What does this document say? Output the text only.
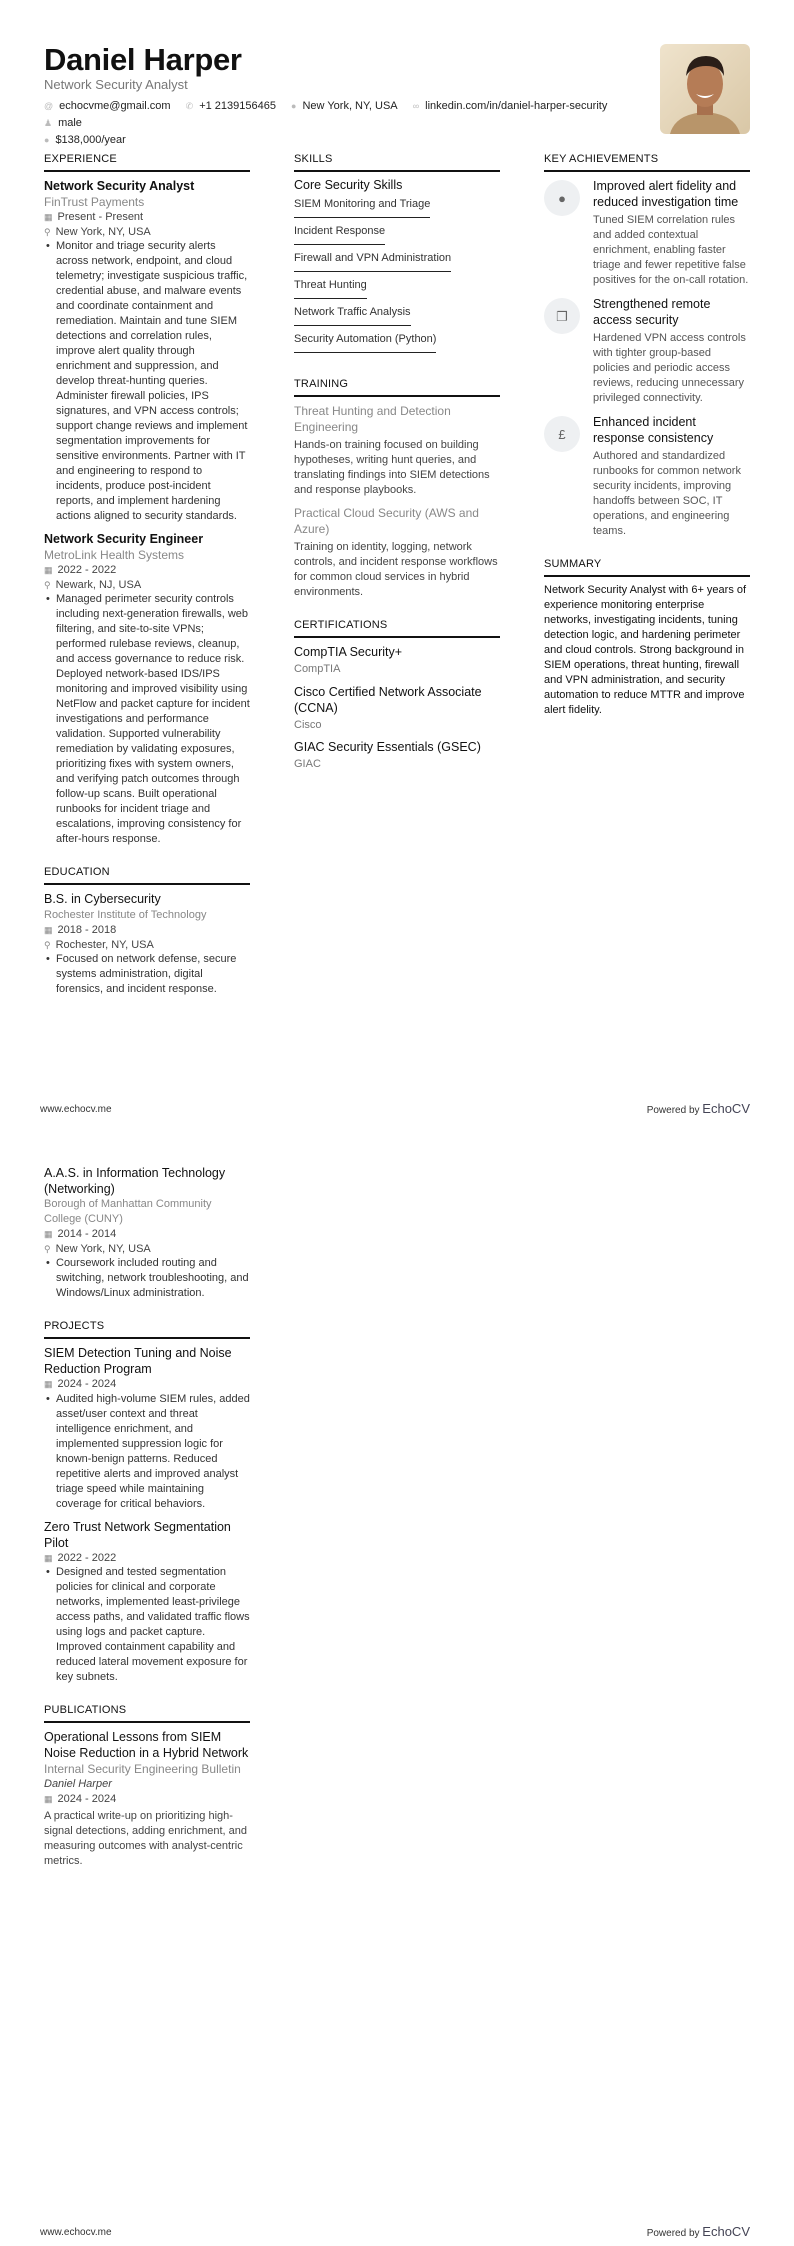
Daniel Harper
Network Security Analyst
@ echocvme@gmail.com ✆ +1 2139156465 ● New York, NY, USA ∞ linkedin.com/in/daniel-harper-security ♟ male
● $138,000/year
EXPERIENCE
Network Security Analyst
FinTrust Payments
▦ Present - Present
⚲ New York, NY, USA
• Monitor and triage security alerts across network, endpoint, and cloud telemetry; investigate suspicious traffic, credential abuse, and malware events and coordinate containment and remediation. Maintain and tune SIEM detections and correlation rules, improve alert quality through enrichment and suppression, and develop threat-hunting queries. Administer firewall policies, IPS signatures, and VPN access controls; support change reviews and implement segmentation improvements for sensitive environments. Partner with IT and engineering to respond to incidents, produce post-incident reports, and implement hardening actions aligned to security standards.
Network Security Engineer
MetroLink Health Systems
▦ 2022 - 2022
⚲ Newark, NJ, USA
• Managed perimeter security controls including next-generation firewalls, web filtering, and site-to-site VPNs; performed rulebase reviews, cleanup, and access governance to reduce risk. Deployed network-based IDS/IPS monitoring and improved visibility using NetFlow and packet capture for incident investigations and performance validation. Supported vulnerability remediation by validating exposures, prioritizing fixes with system owners, and verifying patch outcomes through follow-up scans. Built operational runbooks for incident triage and escalations, improving consistency for after-hours response.
EDUCATION
B.S. in Cybersecurity
Rochester Institute of Technology
▦ 2018 - 2018
⚲ Rochester, NY, USA
• Focused on network defense, secure systems administration, digital forensics, and incident response.
SKILLS
Core Security Skills
SIEM Monitoring and Triage
Incident Response
Firewall and VPN Administration
Threat Hunting
Network Traffic Analysis
Security Automation (Python)
TRAINING
Threat Hunting and Detection Engineering
Hands-on training focused on building hypotheses, writing hunt queries, and translating findings into SIEM detections and response playbooks.
Practical Cloud Security (AWS and Azure)
Training on identity, logging, network controls, and incident response workflows for common cloud services in hybrid environments.
CERTIFICATIONS
CompTIA Security+
CompTIA
Cisco Certified Network Associate (CCNA)
Cisco
GIAC Security Essentials (GSEC)
GIAC
KEY ACHIEVEMENTS
●
Improved alert fidelity and reduced investigation time
Tuned SIEM correlation rules and added contextual enrichment, enabling faster triage and fewer repetitive false positives for the on-call rotation.
❐
Strengthened remote access security
Hardened VPN access controls with tighter group-based policies and periodic access reviews, reducing unnecessary privileged connectivity.
£
Enhanced incident response consistency
Authored and standardized runbooks for common network security incidents, improving handoffs between SOC, IT operations, and engineering teams.
SUMMARY
Network Security Analyst with 6+ years of experience monitoring enterprise networks, investigating incidents, tuning detection logic, and hardening perimeter and cloud controls. Strong background in SIEM operations, threat hunting, firewall and VPN administration, and security automation to reduce MTTR and improve alert fidelity.
www.echocv.me	Powered by EchoCV
A.A.S. in Information Technology (Networking)
Borough of Manhattan Community College (CUNY)
▦ 2014 - 2014
⚲ New York, NY, USA
• Coursework included routing and switching, network troubleshooting, and Windows/Linux administration.
PROJECTS
SIEM Detection Tuning and Noise Reduction Program
▦ 2024 - 2024
• Audited high-volume SIEM rules, added asset/user context and threat intelligence enrichment, and implemented suppression logic for known-benign patterns. Reduced repetitive alerts and improved analyst triage speed while maintaining coverage for critical behaviors.
Zero Trust Network Segmentation Pilot
▦ 2022 - 2022
• Designed and tested segmentation policies for clinical and corporate networks, implemented least-privilege access paths, and validated traffic flows using logs and packet capture. Improved containment capability and reduced lateral movement exposure for key subnets.
PUBLICATIONS
Operational Lessons from SIEM Noise Reduction in a Hybrid Network
Internal Security Engineering Bulletin
Daniel Harper
▦ 2024 - 2024
A practical write-up on prioritizing high-signal detections, adding enrichment, and measuring outcomes with analyst-centric metrics.
www.echocv.me	Powered by EchoCV
